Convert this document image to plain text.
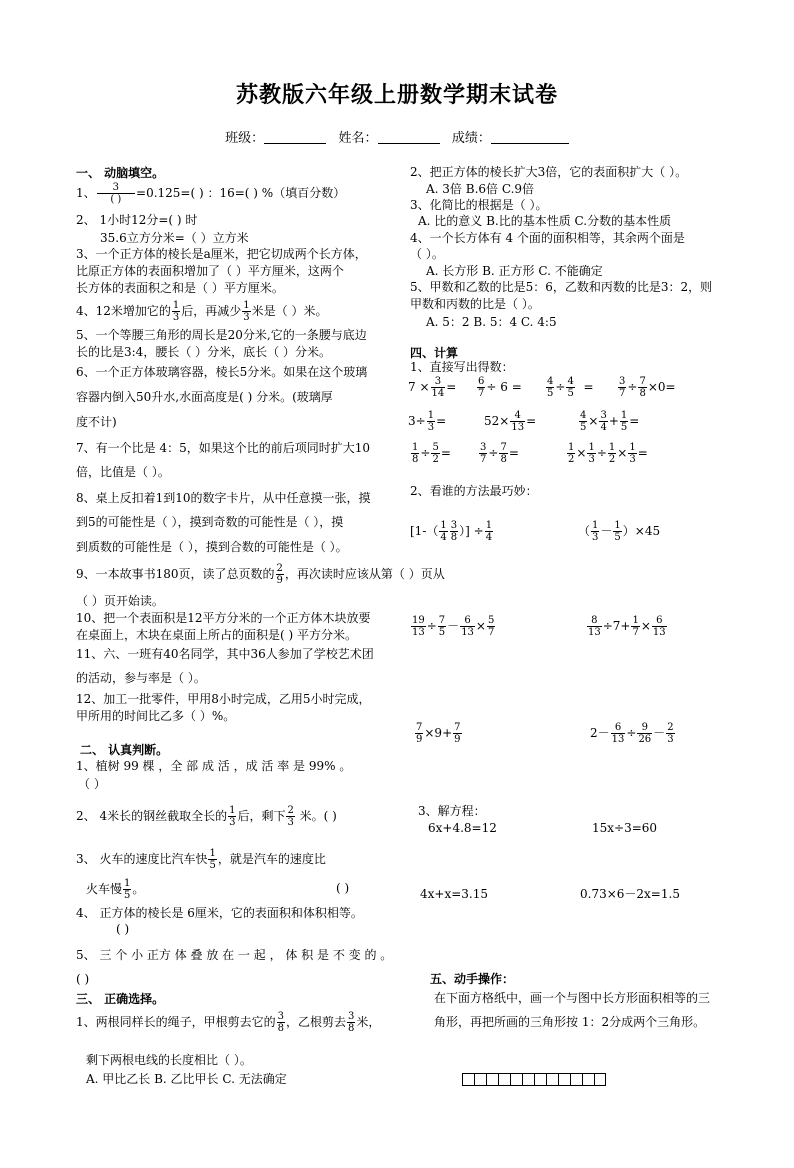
苏教版六年级上册数学期末试卷
班级：	姓名：	成绩：
一、 动脑填空。
1、 $\frac{3}{( )} =0.125=$( ) ：16=( ) %（填百分数）
2、 1小时12分=( ) 时
35.6立方分米=（ ）立方米
3、一个正方体的棱长是a厘米，把它切成两个长方体，
比原正方体的表面积增加了（ ）平方厘米，这两个
长方体的表面积之和是（ ）平方厘米。
4、12米增加它的 $\frac{1}{3}$ 后，再减少 $\frac{1}{3}$ 米是（ ）米。
5、一个等腰三角形的周长是20分米,它的一条腰与底边
长的比是3:4，腰长（ ）分米，底长（ ）分米。
6、一个正方体玻璃容器，棱长5分米。如果在这个玻璃
容器内倒入50升水,水面高度是( ) 分米。(玻璃厚
度不计)
7、有一个比是 4：5，如果这个比的前后项同时扩大10
倍，比值是（ ）。
8、桌上反扣着1到10的数字卡片，从中任意摸一张，摸
到5的可能性是（ ），摸到奇数的可能性是（ ），摸
到质数的可能性是（ ），摸到合数的可能性是（ ）。
9、一本故事书180页，读了总页数的 $\frac{2}{9}$ ，再次读时应该从第（ ）页从
（ ）页开始读。
10、把一个表面积是12平方分米的一个正方体木块放要
在桌面上，木块在桌面上所占的面积是( ) 平方分米。
11、六、一班有40名同学，其中36人参加了学校艺术团
的活动，参与率是（ ）。
12、加工一批零件，甲用8小时完成，乙用5小时完成，
甲所用的时间比乙多（ ）%。
二、 认真判断。
1、植树 99 棵 ，全 部 成 活 ，成 活 率 是 99% 。
（ ）
2、 4米长的钢丝截取全长的 $\frac{1}{3}$ 后，剩下 $\frac{2}{3}$ 米。( )
3、 火车的速度比汽车快 $\frac{1}{5}$ ，就是汽车的速度比
火车慢 $\frac{1}{5}$ 。	( )
4、 正方体的棱长是 6厘米，它的表面积和体积相等。
( )
5、 三 个 小 正方 体 叠 放 在 一 起 ， 体 积 是 不 变 的 。
( )
三、 正确选择。
1、两根同样长的绳子，甲根剪去它的 $\frac{3}{8}$ ，乙根剪去 $\frac{3}{8}$ 米，
剩下两根电线的长度相比（ ）。
A. 甲比乙长 B. 乙比甲长 C. 无法确定
2、把正方体的棱长扩大3倍，它的表面积扩大（ ）。
A. 3倍 B.6倍 C.9倍
3、化简比的根据是（ ）。
A. 比的意义 B.比的基本性质 C.分数的基本性质
4、一个长方体有 4 个面的面积相等，其余两个面是
（ ）。
A. 长方形 B. 正方形 C. 不能确定
5、甲数和乙数的比是5：6，乙数和丙数的比是3：2，则
甲数和丙数的比是（ ）。
A. 5：2 B. 5：4 C. 4:5
四、计算
1、直接写出得数：
$7 \times \frac{3}{14} = \frac{6}{7} \div 6 = \frac{4}{5} \div \frac{4}{5} = \frac{3}{7} \div \frac{7}{8} \times 0=$
$3\div \frac{1}{3}$ =	$52\times \frac{4}{13}$ =	$\frac{4}{5} \times \frac{3}{4} + \frac{1}{5}$ =
$\frac{1}{8} \div \frac{5}{2}$ =	$\frac{3}{7} \div \frac{7}{8}$ =	$\frac{1}{2} \times \frac{1}{3} \div \frac{1}{2} \times \frac{1}{3}$ =
2、看谁的方法最巧妙：
[$1-( \frac{1}{4} \frac{3}{8}$ ）] ÷ $\frac{1}{4}$	（ $\frac{1}{3} - \frac{1}{5} )\times 45$
$\frac{19}{13} \div \frac{7}{5} - \frac{6}{13} \times \frac{5}{7}$	$\frac{8}{13} \div 7+ \frac{1}{7} \times \frac{6}{13}$
$\frac{7}{9} \times 9+ \frac{7}{9}$	$2- \frac{6}{13} \div \frac{9}{26} - \frac{2}{3}$
3、解方程：
6x+4.8=12	15x÷3=60
4x+x=3.15	0.73×6－2x=1.5
五、动手操作：
在下面方格纸中，画一个与图中长方形面积相等的三
角形，再把所画的三角形按 1：2分成两个三角形。
